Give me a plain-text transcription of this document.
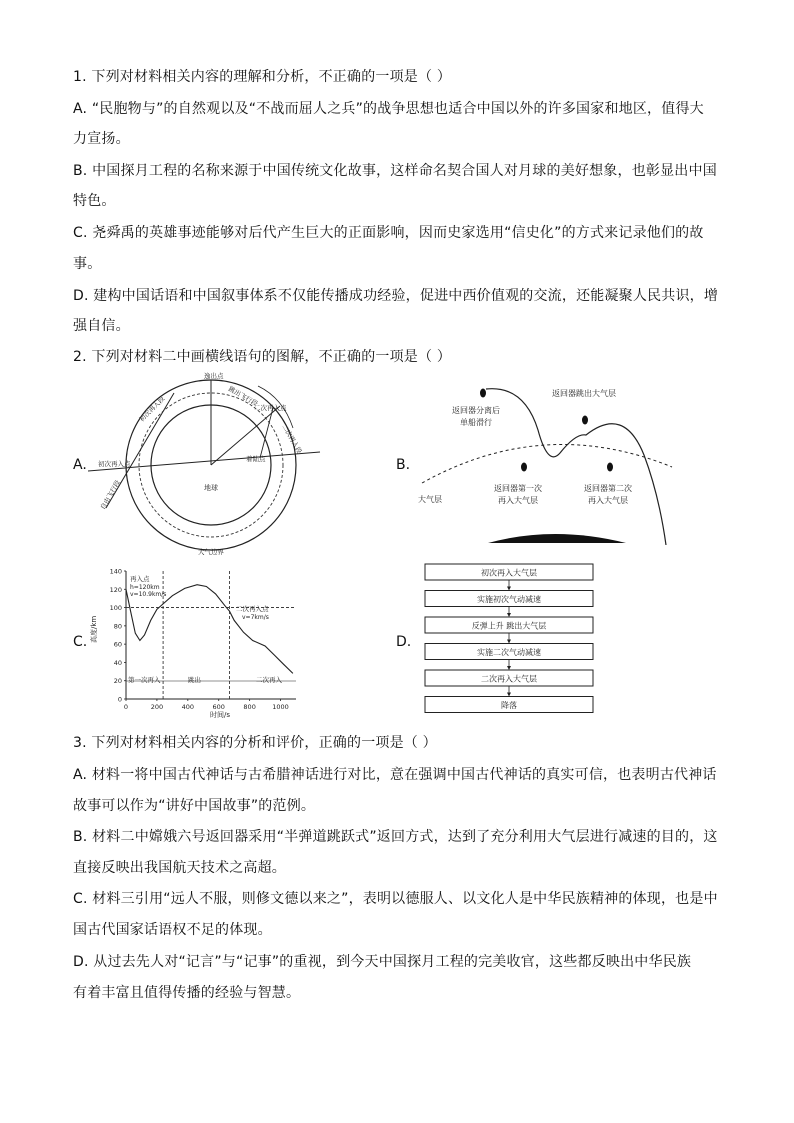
1. 下列对材料相关内容的理解和分析，不正确的一项是（ ）
A. “民胞物与”的自然观以及“不战而屈人之兵”的战争思想也适合中国以外的许多国家和地区，值得大
力宣扬。
B. 中国探月工程的名称来源于中国传统文化故事，这样命名契合国人对月球的美好想象，也彰显出中国
特色。
C. 尧舜禹的英雄事迹能够对后代产生巨大的正面影响，因而史家选用“信史化”的方式来记录他们的故
事。
D. 建构中国话语和中国叙事体系不仅能传播成功经验，促进中西价值观的交流，还能凝聚人民共识，增
强自信。
2. 下列对材料二中画横线语句的图解，不正确的一项是（ ）
A.	B.
C.	D.
逸出点
跳出飞行段
初次再入段	二次再入点
二次再入段
初次再入点
着陆点
自由飞行段	地球
大气边界
返回器跳出大气层
返回器分离后
单船滑行
返回器第一次
再入大气层
返回器第二次
再入大气层
大气层
0
20
40
60
80
100
120
140
0	200	400	600	800	1000
高度/km
时间/s
再入点
h=120km
v=10.9km/s
二次再入点
v=7km/s
第一次再入	跳出	二次再入
初次再入大气层
实施初次气动减速
反弹上升 跳出大气层
实施二次气动减速
二次再入大气层
降落
3. 下列对材料相关内容的分析和评价，正确的一项是（ ）
A. 材料一将中国古代神话与古希腊神话进行对比，意在强调中国古代神话的真实可信，也表明古代神话
故事可以作为“讲好中国故事”的范例。
B. 材料二中嫦娥六号返回器采用“半弹道跳跃式”返回方式，达到了充分利用大气层进行减速的目的，这
直接反映出我国航天技术之高超。
C. 材料三引用“远人不服，则修文德以来之”，表明以德服人、以文化人是中华民族精神的体现，也是中
国古代国家话语权不足的体现。
D. 从过去先人对“记言”与“记事”的重视，到今天中国探月工程的完美收官，这些都反映出中华民族
有着丰富且值得传播的经验与智慧。
